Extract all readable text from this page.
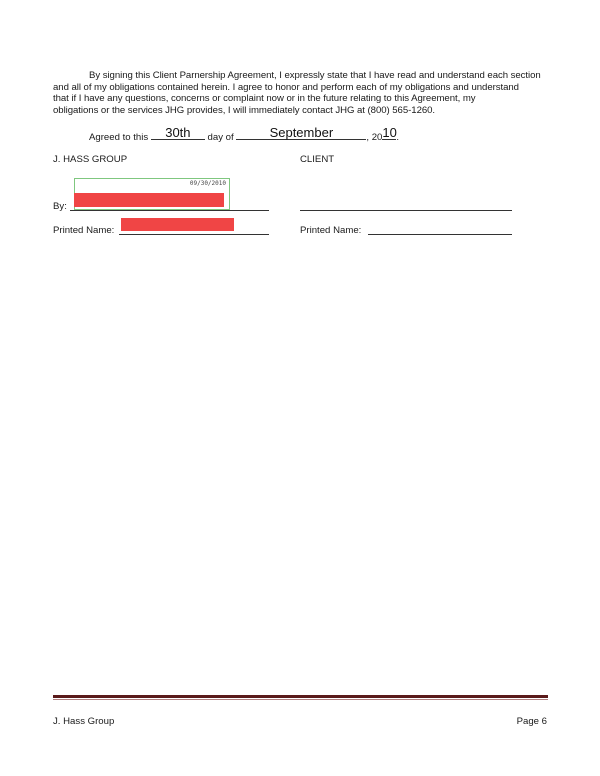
By signing this Client Parnership Agreement, I expressly state that I have read and understand each section
and all of my obligations contained herein. I agree to honor and perform each of my obligations and understand
that if I have any questions, concerns or complaint now or in the future relating to this Agreement, my
obligations or the services JHG provides, I will immediately contact JHG at (800) 565-1260.
Agreed to this	30th	day of	September	, 20 10 .
J. HASS GROUP	CLIENT
09/30/2010
By:
Printed Name:	Printed Name:
J. Hass Group	Page 6
